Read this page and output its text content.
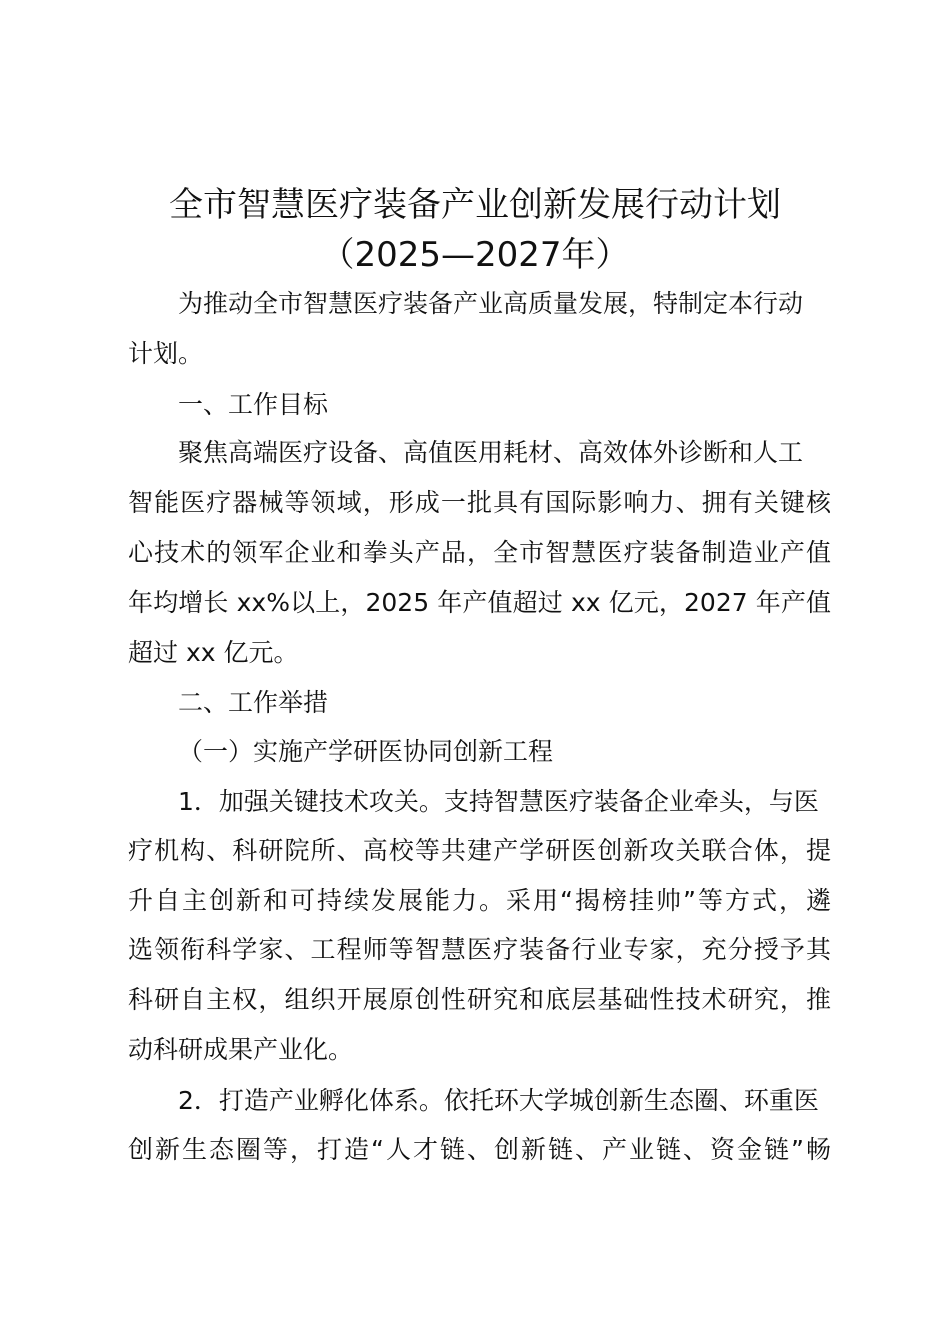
全市智慧医疗装备产业创新发展行动计划
（2025—2027年）
为推动全市智慧医疗装备产业高质量发展，特制定本行动
计划。
一、工作目标
聚焦高端医疗设备、高值医用耗材、高效体外诊断和人工
智能医疗器械等领域，形成一批具有国际影响力、拥有关键核
心技术的领军企业和拳头产品，全市智慧医疗装备制造业产值
年均增长 xx%以上，2025 年产值超过 xx 亿元，2027 年产值
超过 xx 亿元。
二、工作举措
（一）实施产学研医协同创新工程
1．加强关键技术攻关。支持智慧医疗装备企业牵头，与医
疗机构、科研院所、高校等共建产学研医创新攻关联合体，提
升自主创新和可持续发展能力。采用“揭榜挂帅”等方式，遴
选领衔科学家、工程师等智慧医疗装备行业专家，充分授予其
科研自主权，组织开展原创性研究和底层基础性技术研究，推
动科研成果产业化。
2．打造产业孵化体系。依托环大学城创新生态圈、环重医
创新生态圈等，打造“人才链、创新链、产业链、资金链”畅
